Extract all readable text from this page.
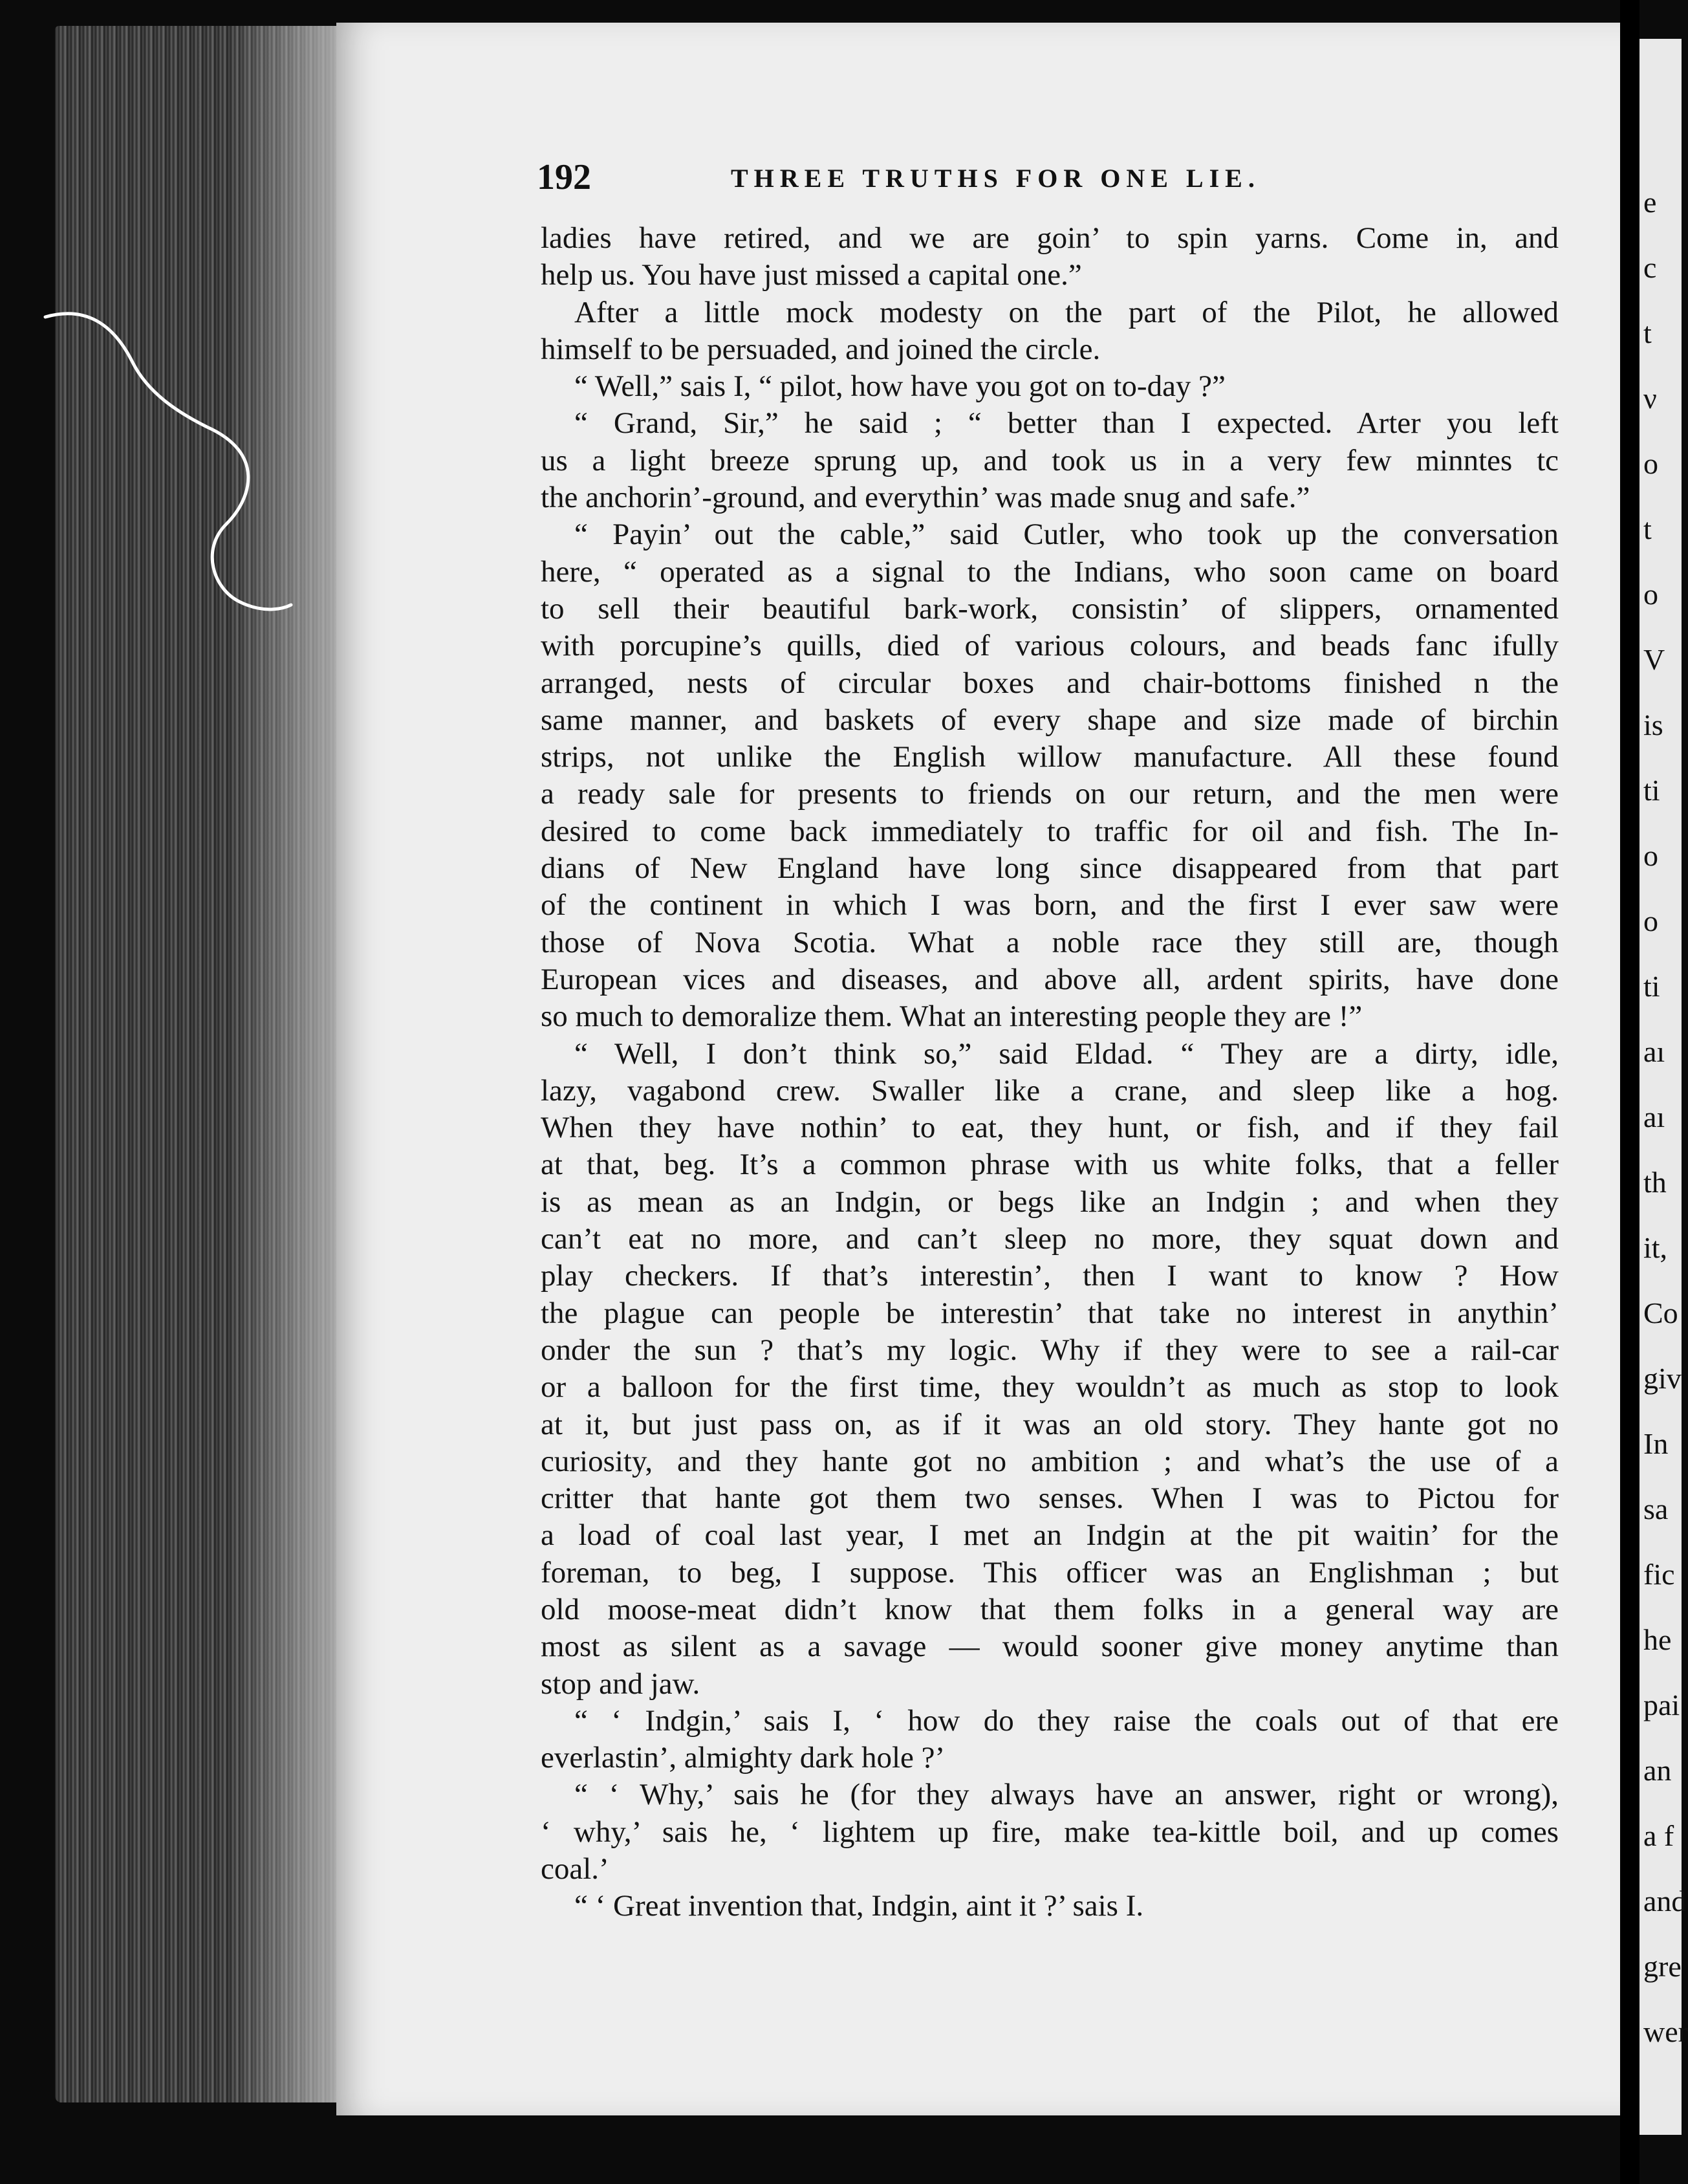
192	THREE TRUTHS FOR ONE LIE.
ladies have retired, and we are goin’ to spin yarns. Come in, and
help us. You have just missed a capital one.”
After a little mock modesty on the part of the Pilot, he allowed
himself to be persuaded, and joined the circle.
“ Well,” sais I, “ pilot, how have you got on to-day ?”
“ Grand, Sir,” he said ; “ better than I expected. Arter you left
us a light breeze sprung up, and took us in a very few minntes tc
the anchorin’-ground, and everythin’ was made snug and safe.”
“ Payin’ out the cable,” said Cutler, who took up the conversation
here, “ operated as a signal to the Indians, who soon came on board
to sell their beautiful bark-work, consistin’ of slippers, ornamented
with porcupine’s quills, died of various colours, and beads fanc ifully
arranged, nests of circular boxes and chair-bottoms finished n the
same manner, and baskets of every shape and size made of birchin
strips, not unlike the English willow manufacture. All these found
a ready sale for presents to friends on our return, and the men were
desired to come back immediately to traffic for oil and fish. The In-
dians of New England have long since disappeared from that part
of the continent in which I was born, and the first I ever saw were
those of Nova Scotia. What a noble race they still are, though
European vices and diseases, and above all, ardent spirits, have done
so much to demoralize them. What an interesting people they are !”
“ Well, I don’t think so,” said Eldad. “ They are a dirty, idle,
lazy, vagabond crew. Swaller like a crane, and sleep like a hog.
When they have nothin’ to eat, they hunt, or fish, and if they fail
at that, beg. It’s a common phrase with us white folks, that a feller
is as mean as an Indgin, or begs like an Indgin ; and when they
can’t eat no more, and can’t sleep no more, they squat down and
play checkers. If that’s interestin’, then I want to know ? How
the plague can people be interestin’ that take no interest in anythin’
onder the sun ? that’s my logic. Why if they were to see a rail-car
or a balloon for the first time, they wouldn’t as much as stop to look
at it, but just pass on, as if it was an old story. They hante got no
curiosity, and they hante got no ambition ; and what’s the use of a
critter that hante got them two senses. When I was to Pictou for
a load of coal last year, I met an Indgin at the pit waitin’ for the
foreman, to beg, I suppose. This officer was an Englishman ; but
old moose-meat didn’t know that them folks in a general way are
most as silent as a savage — would sooner give money anytime than
stop and jaw.
“ ‘ Indgin,’ sais I, ‘ how do they raise the coals out of that ere
everlastin’, almighty dark hole ?’
“ ‘ Why,’ sais he (for they always have an answer, right or wrong),
‘ why,’ sais he, ‘ lightem up fire, make tea-kittle boil, and up comes
coal.’
“ ‘ Great invention that, Indgin, aint it ?’ sais I.
e
c
t
ν
o
t
o
V
is
ti
o
o
ti
aı
aı
th
it,
Co
giv
In
sa
fic
he
pai
an
a f
and
gre
wer
